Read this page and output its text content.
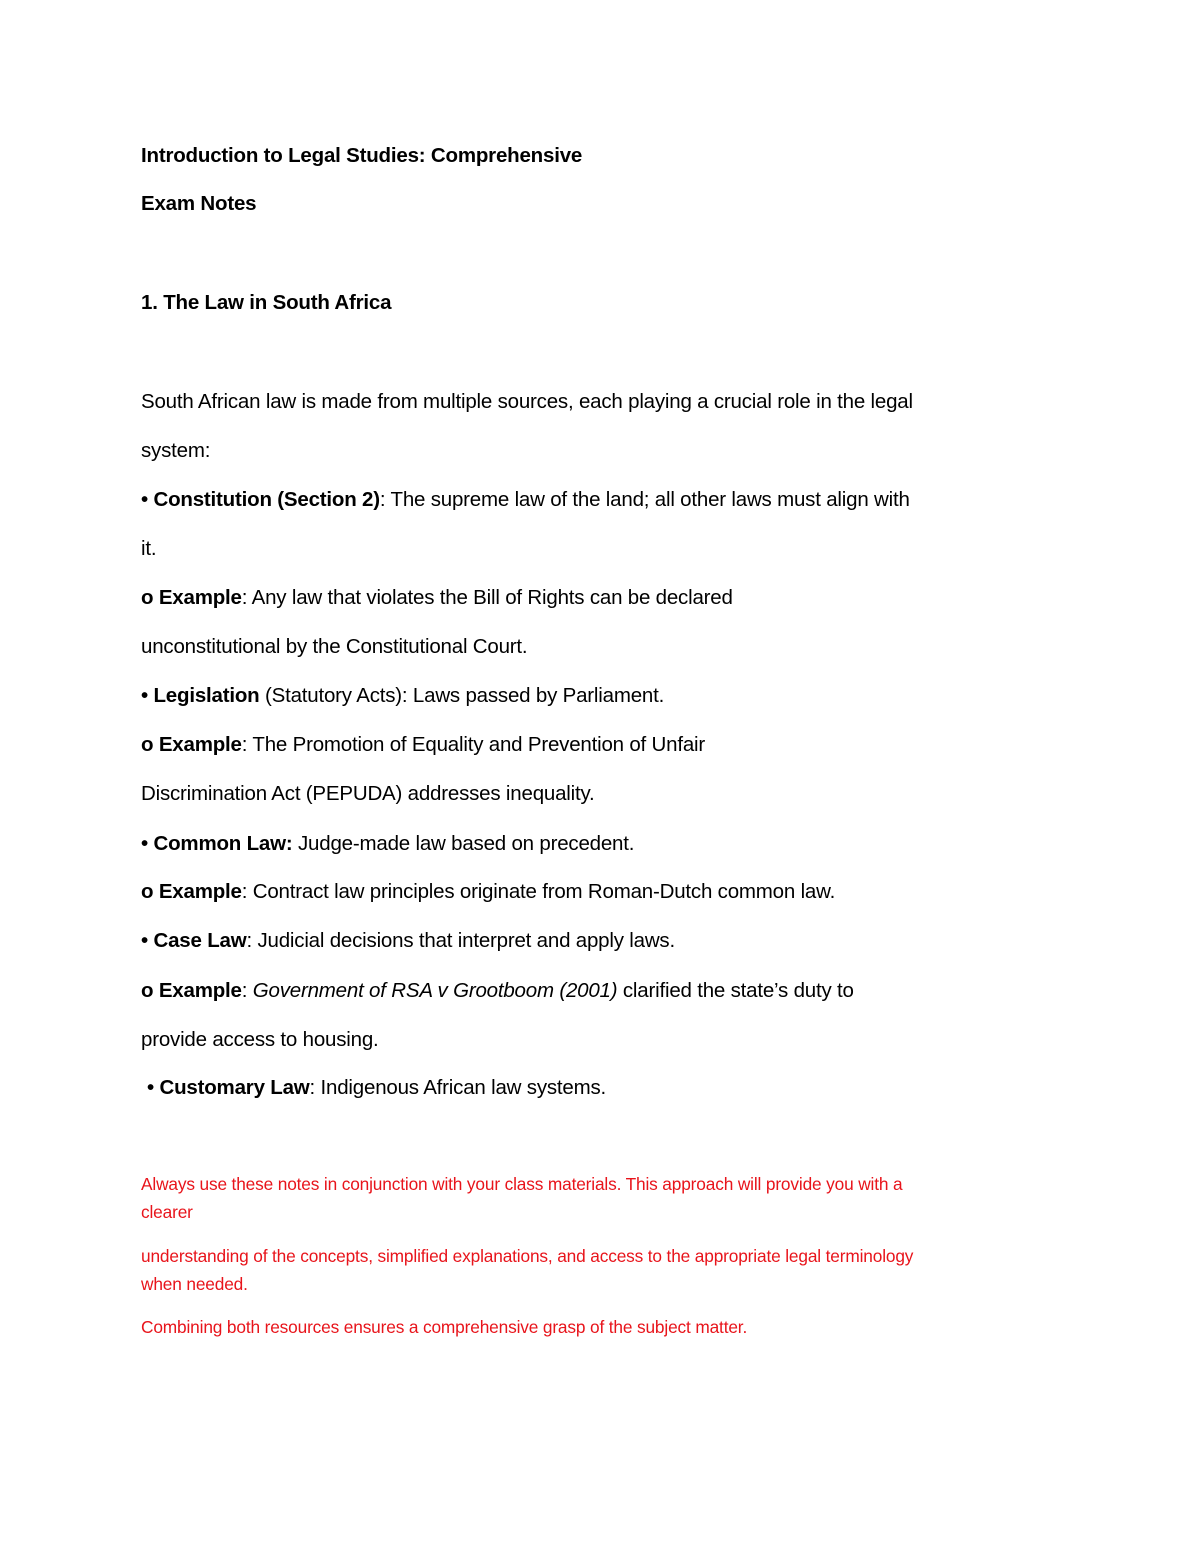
Introduction to Legal Studies: Comprehensive
Exam Notes
1. The Law in South Africa
South African law is made from multiple sources, each playing a crucial role in the legal
system:
• Constitution (Section 2): The supreme law of the land; all other laws must align with
it.
o Example: Any law that violates the Bill of Rights can be declared
unconstitutional by the Constitutional Court.
• Legislation (Statutory Acts): Laws passed by Parliament.
o Example: The Promotion of Equality and Prevention of Unfair
Discrimination Act (PEPUDA) addresses inequality.
• Common Law: Judge-made law based on precedent.
o Example: Contract law principles originate from Roman-Dutch common law.
• Case Law: Judicial decisions that interpret and apply laws.
o Example: Government of RSA v Grootboom (2001) clarified the state’s duty to
provide access to housing.
• Customary Law: Indigenous African law systems.
Always use these notes in conjunction with your class materials. This approach will provide you with a
clearer
understanding of the concepts, simplified explanations, and access to the appropriate legal terminology
when needed.
Combining both resources ensures a comprehensive grasp of the subject matter.
